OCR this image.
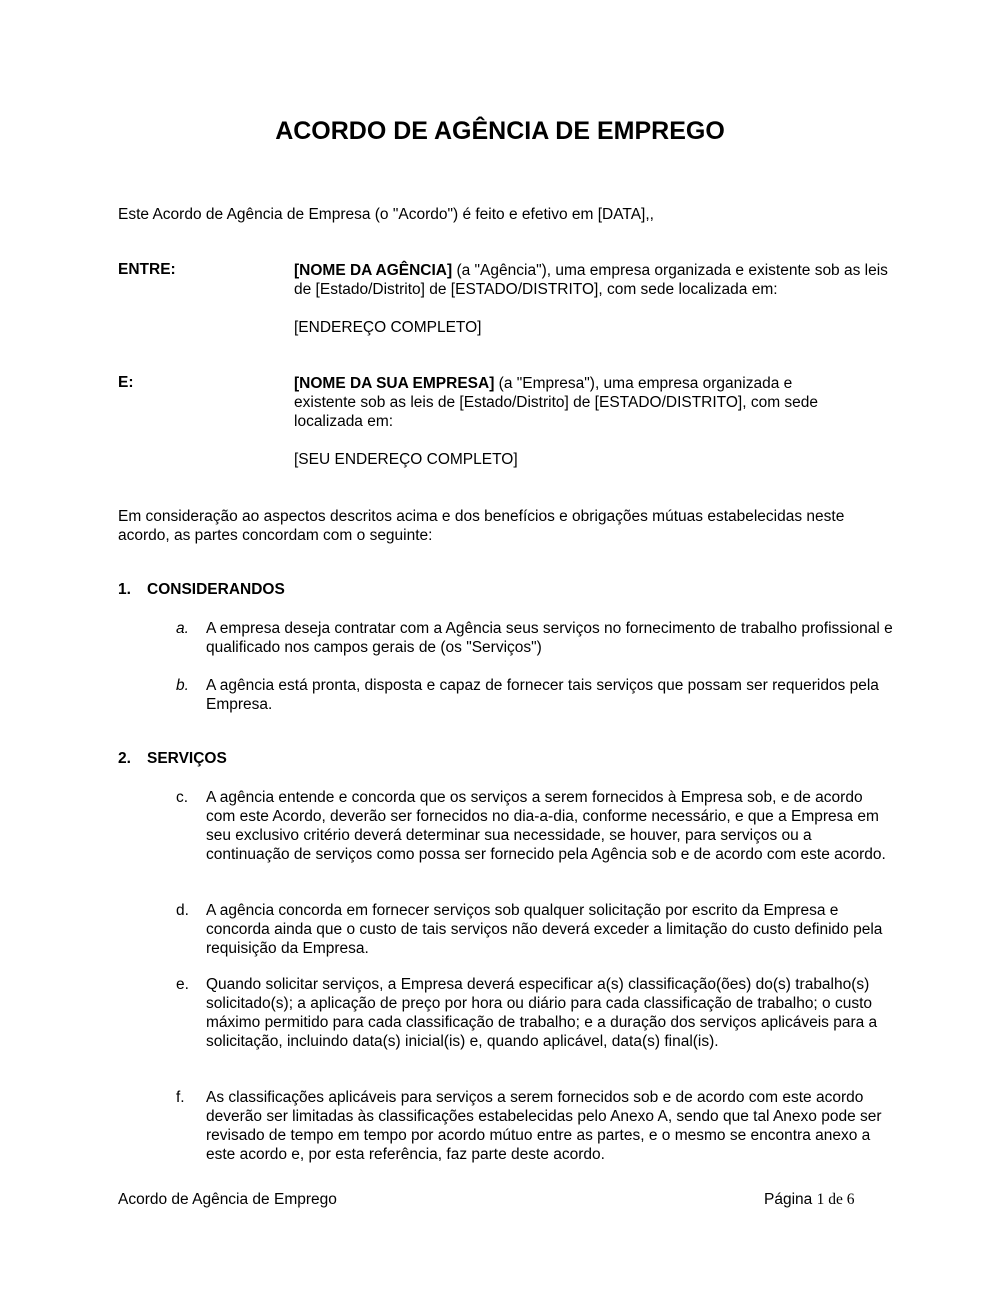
ACORDO DE AGÊNCIA DE EMPREGO
Este Acordo de Agência de Empresa (o "Acordo") é feito e efetivo em [DATA],,
ENTRE:	[NOME DA AGÊNCIA] (a "Agência"), uma empresa organizada e existente sob as leis de [Estado/Distrito] de [ESTADO/DISTRITO], com sede localizada em:

[ENDEREÇO COMPLETO]

E:	[NOME DA SUA EMPRESA] (a "Empresa"), uma empresa organizada e existente sob as leis de [Estado/Distrito] de [ESTADO/DISTRITO], com sede localizada em:

[SEU ENDEREÇO COMPLETO]

Em consideração ao aspectos descritos acima e dos benefícios e obrigações mútuas estabelecidas neste acordo, as partes concordam com o seguinte:
1. CONSIDERANDOS
a.	A empresa deseja contratar com a Agência seus serviços no fornecimento de trabalho profissional e qualificado nos campos gerais de (os "Serviços")
b.	A agência está pronta, disposta e capaz de fornecer tais serviços que possam ser requeridos pela Empresa.
2. SERVIÇOS
c.	A agência entende e concorda que os serviços a serem fornecidos à Empresa sob, e de acordo com este Acordo, deverão ser fornecidos no dia-a-dia, conforme necessário, e que a Empresa em seu exclusivo critério deverá determinar sua necessidade, se houver, para serviços ou a continuação de serviços como possa ser fornecido pela Agência sob e de acordo com este acordo.
d.	A agência concorda em fornecer serviços sob qualquer solicitação por escrito da Empresa e concorda ainda que o custo de tais serviços não deverá exceder a limitação do custo definido pela requisição da Empresa.
e.	Quando solicitar serviços, a Empresa deverá especificar a(s) classificação(ões) do(s) trabalho(s) solicitado(s); a aplicação de preço por hora ou diário para cada classificação de trabalho; o custo máximo permitido para cada classificação de trabalho; e a duração dos serviços aplicáveis para a solicitação, incluindo data(s) inicial(is) e, quando aplicável, data(s) final(is).
f.	As classificações aplicáveis para serviços a serem fornecidos sob e de acordo com este acordo deverão ser limitadas às classificações estabelecidas pelo Anexo A, sendo que tal Anexo pode ser revisado de tempo em tempo por acordo mútuo entre as partes, e o mesmo se encontra anexo a este acordo e, por esta referência, faz parte deste acordo.
Acordo de Agência de Emprego	Página 1 de 6
